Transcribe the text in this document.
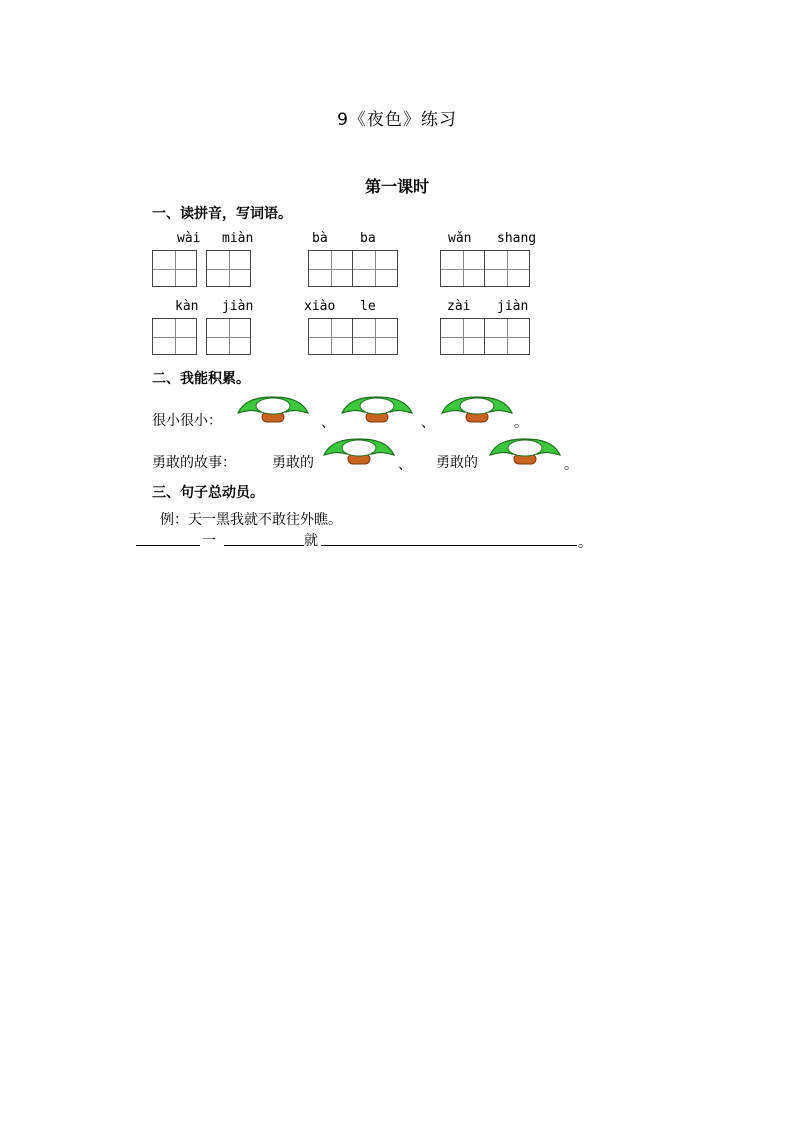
9《夜色》练习
第一课时
一、读拼音，写词语。
wài miàn	bà ba	wǎn shang
kàn jiàn	xiào le	zài jiàn
二、我能积累。
很小很小：	、	、	。
勇敢的故事：	勇敢的	、 勇敢的	。
三、句子总动员。
例：天一黑我就不敢往外瞧。
一	就	。
